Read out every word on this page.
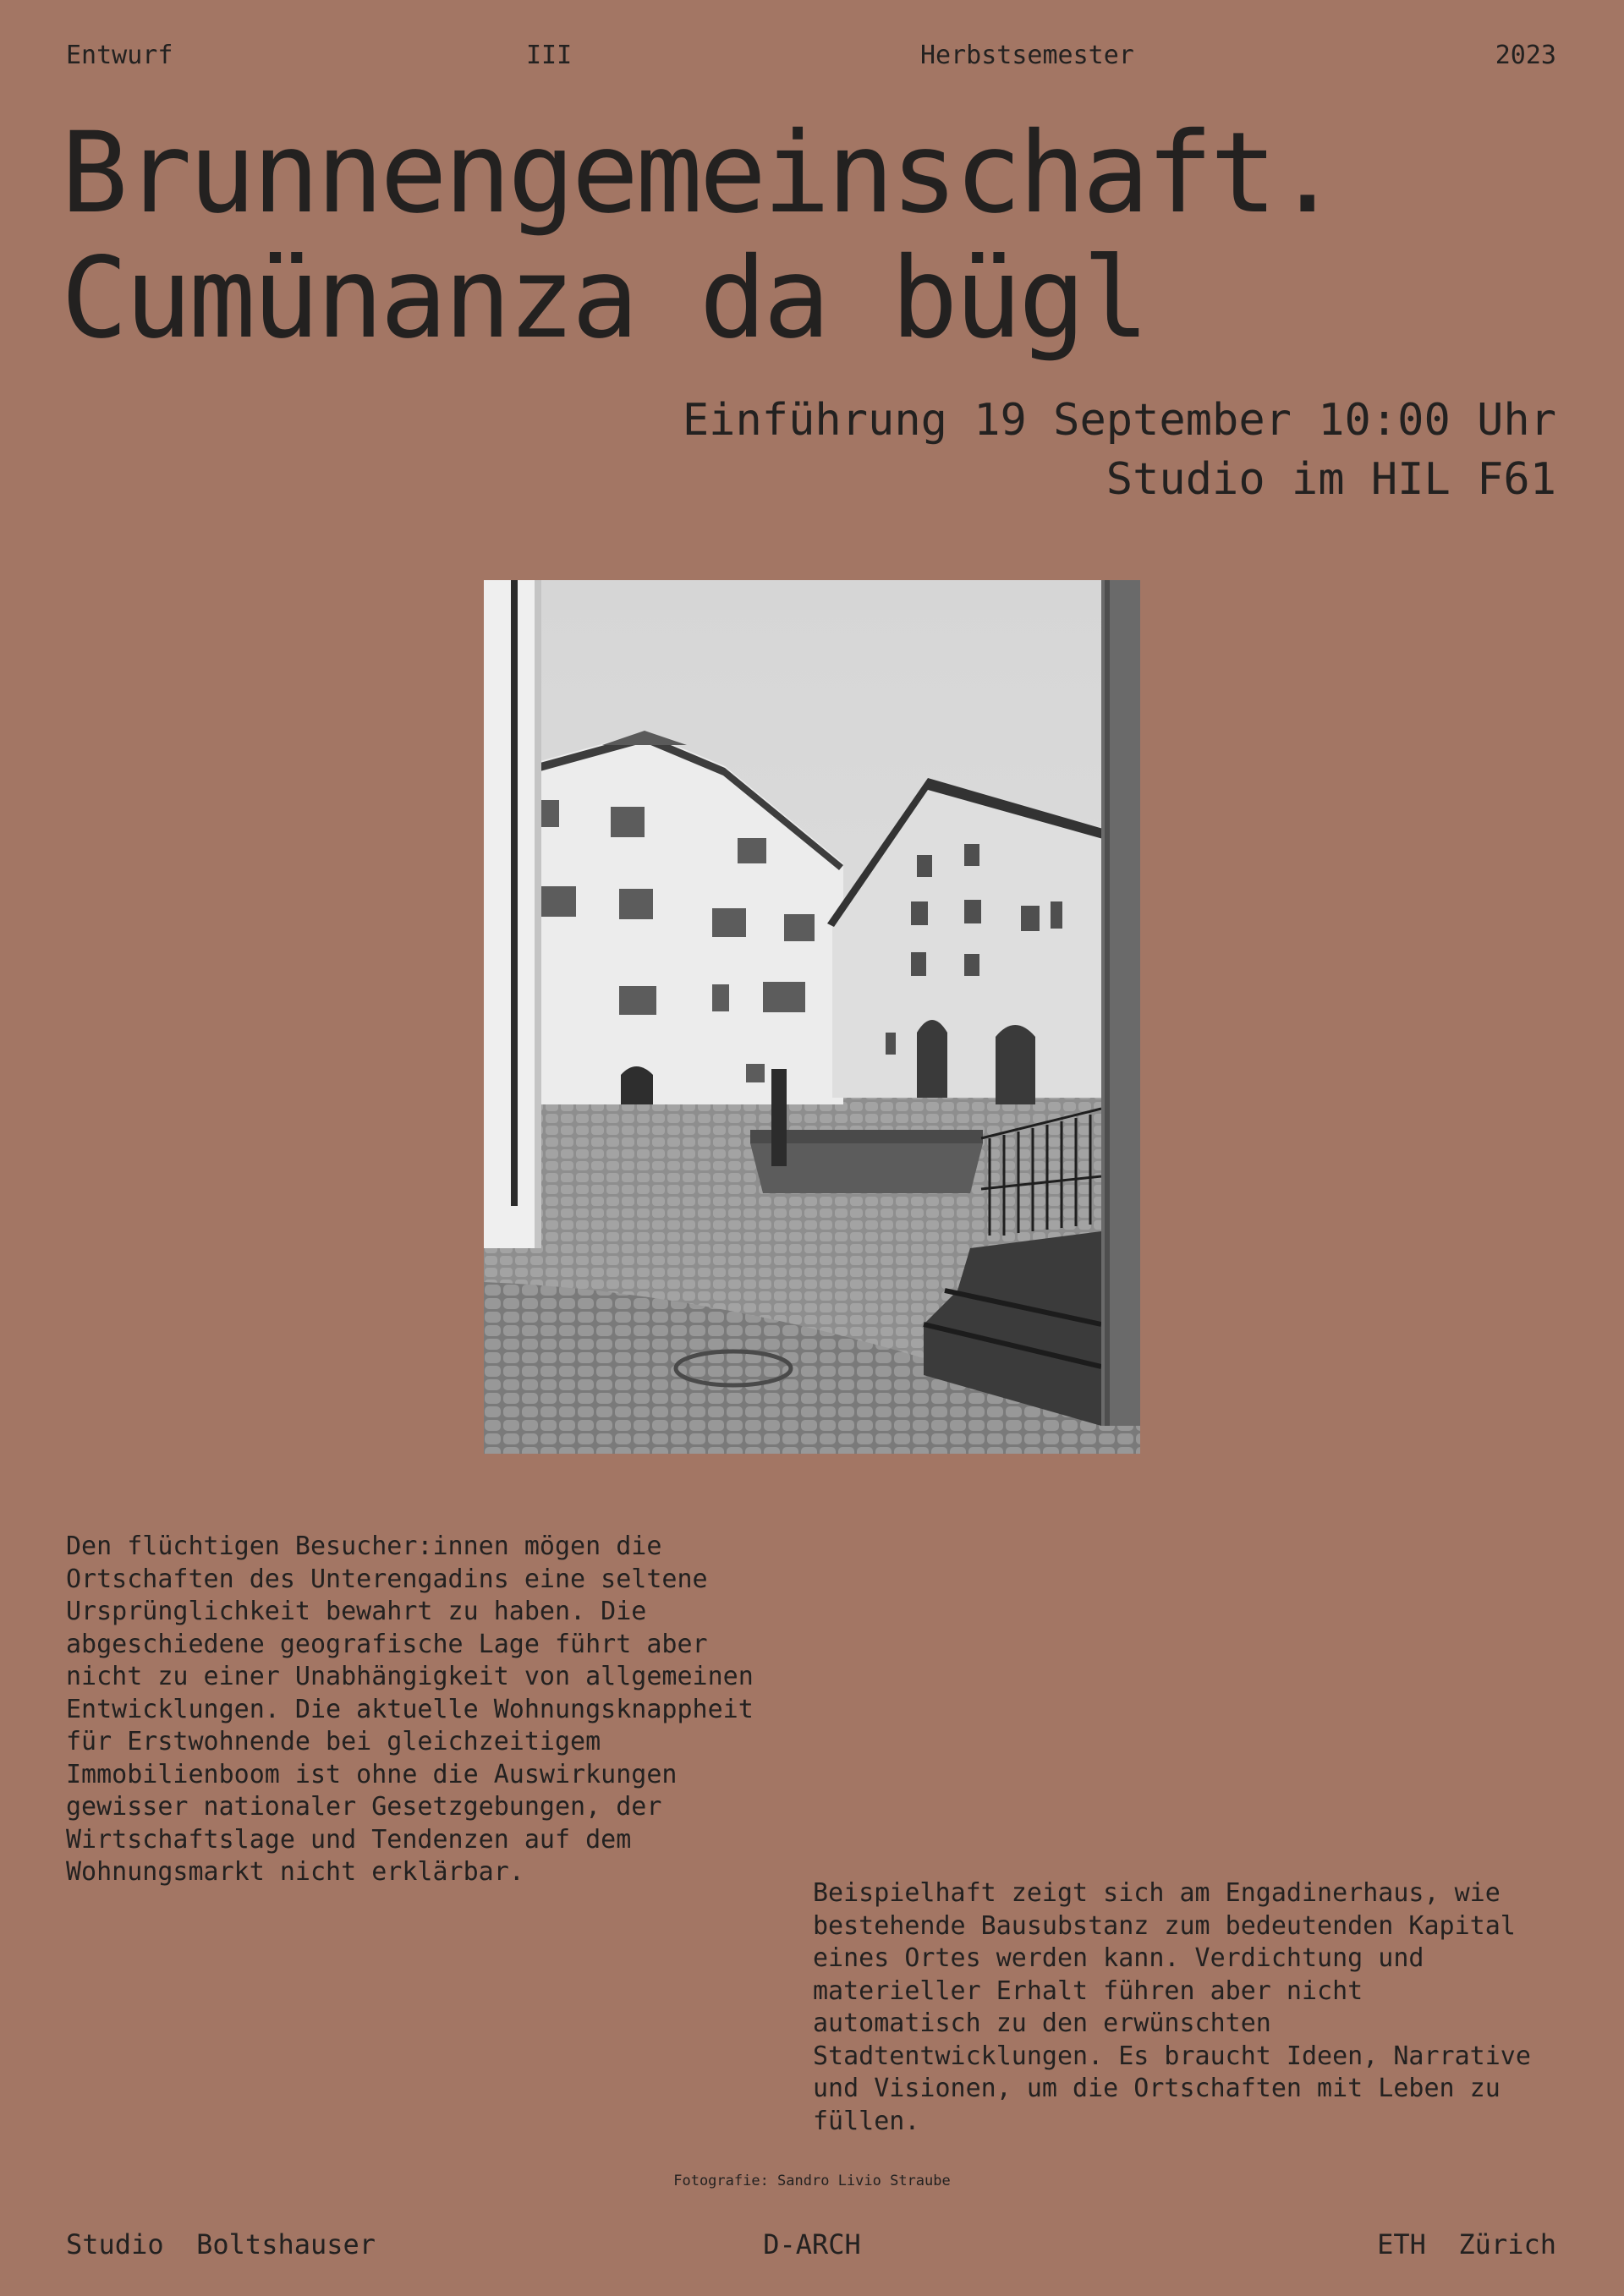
Entwurf	III	Herbstsemester	2023
Brunnengemeinschaft.
Cumünanza da bügl
Einführung 19 September 10:00 Uhr
Studio im HIL F61

Den flüchtigen Besucher:innen mögen die
Ortschaften des Unterengadins eine seltene
Ursprünglichkeit bewahrt zu haben. Die
abgeschiedene geografische Lage führt aber
nicht zu einer Unabhängigkeit von allgemeinen
Entwicklungen. Die aktuelle Wohnungsknappheit
für Erstwohnende bei gleichzeitigem
Immobilienboom ist ohne die Auswirkungen
gewisser nationaler Gesetzgebungen, der
Wirtschaftslage und Tendenzen auf dem
Wohnungsmarkt nicht erklärbar.

Beispielhaft zeigt sich am Engadinerhaus, wie
bestehende Bausubstanz zum bedeutenden Kapital
eines Ortes werden kann. Verdichtung und
materieller Erhalt führen aber nicht
automatisch zu den erwünschten
Stadtentwicklungen. Es braucht Ideen, Narrative
und Visionen, um die Ortschaften mit Leben zu
füllen.

Fotografie: Sandro Livio Straube
Studio  Boltshauser	D-ARCH	ETH  Zürich
